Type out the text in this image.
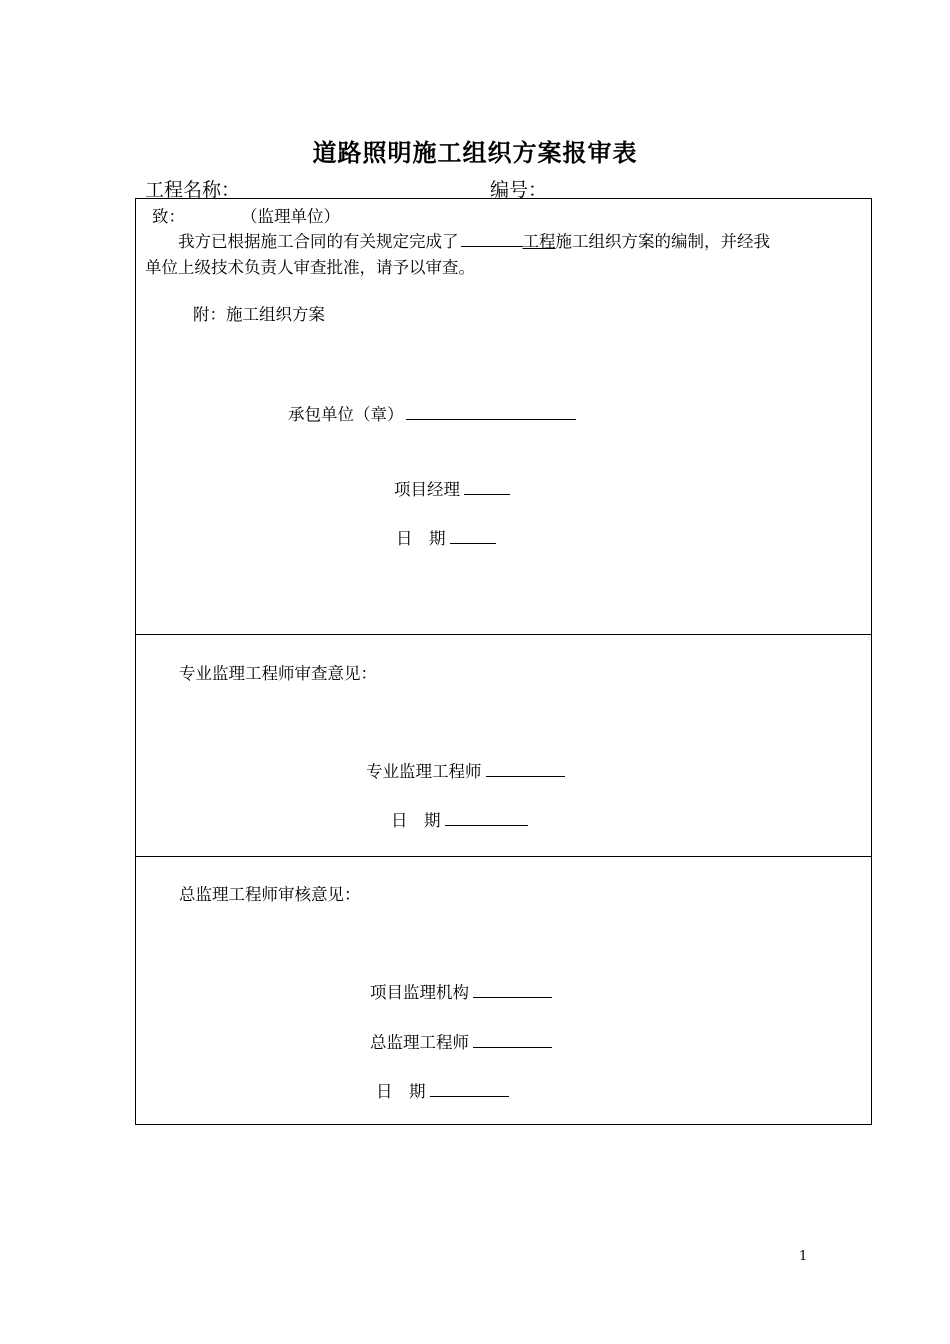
道路照明施工组织方案报审表
工程名称：	编号：
致：	（监理单位）
我方已根据施工合同的有关规定完成了	工程施工组织方案的编制，并经我
单位上级技术负责人审查批准，请予以审查。
附：施工组织方案
承包单位（章）
项目经理
日　期
专业监理工程师审查意见：
专业监理工程师
日　期
总监理工程师审核意见：
项目监理机构
总监理工程师
日　期
1
